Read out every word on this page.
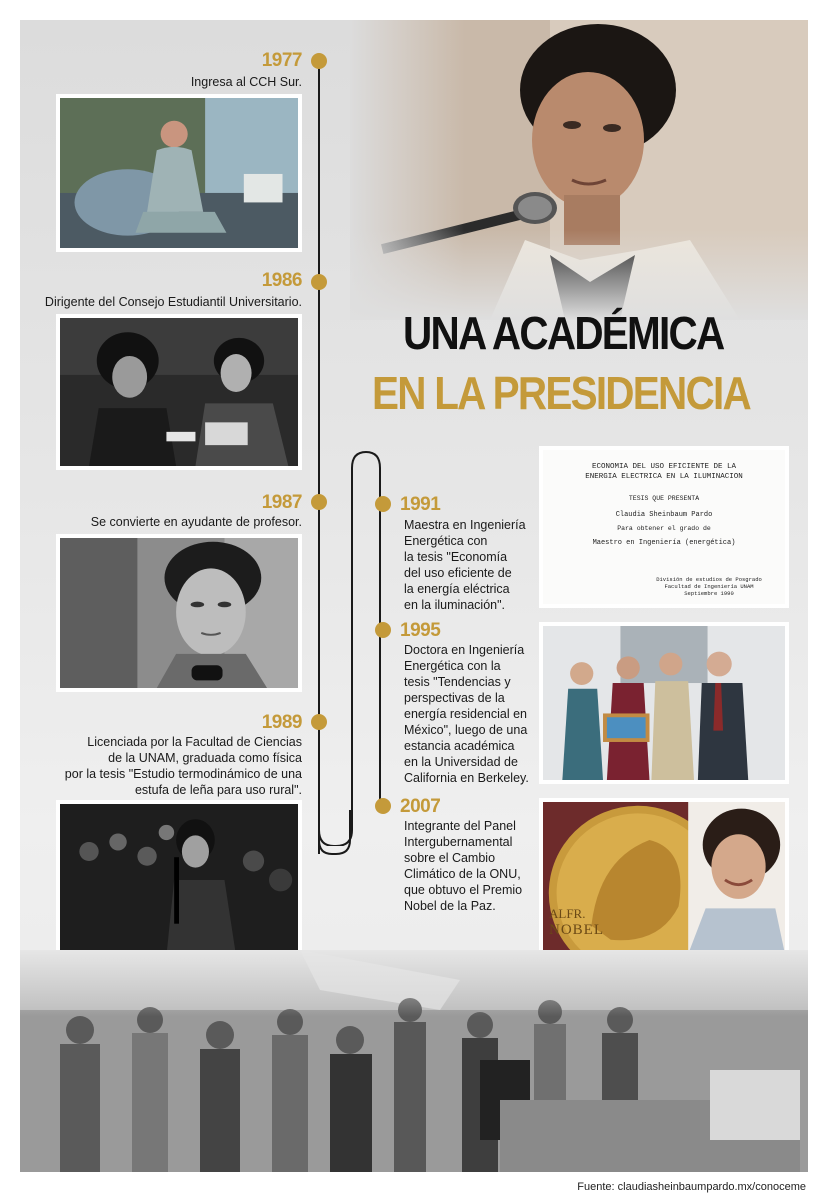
UNA ACADÉMICA
EN LA PRESIDENCIA
1977
Ingresa al CCH Sur.
1986
Dirigente del Consejo Estudiantil Universitario.
1987
Se convierte en ayudante de profesor.
1989
Licenciada por la Facultad de Ciencias
de la UNAM, graduada como física
por la tesis "Estudio termodinámico de una
estufa de leña para uso rural".
ECONOMIA DEL USO EFICIENTE DE LA
ENERGIA ELECTRICA EN LA ILUMINACION
TESIS QUE PRESENTA
Claudia Sheinbaum Pardo
Para obtener el grado de
Maestro en Ingeniería (energética)
División de estudios de Posgrado
Facultad de Ingeniería UNAM
Septiembre 1990
1991
Maestra en Ingeniería
Energética con
la tesis "Economía
del uso eficiente de
la energía eléctrica
en la iluminación".
1995
Doctora en Ingeniería
Energética con la
tesis "Tendencias y
perspectivas de la
energía residencial en
México", luego de una
estancia académica
en la Universidad de
California en Berkeley.
ALFR.
NOBEL
2007
Integrante del Panel
Intergubernamental
sobre el Cambio
Climático de la ONU,
que obtuvo el Premio
Nobel de la Paz.
Fuente: claudiasheinbaumpardo.mx/conoceme
